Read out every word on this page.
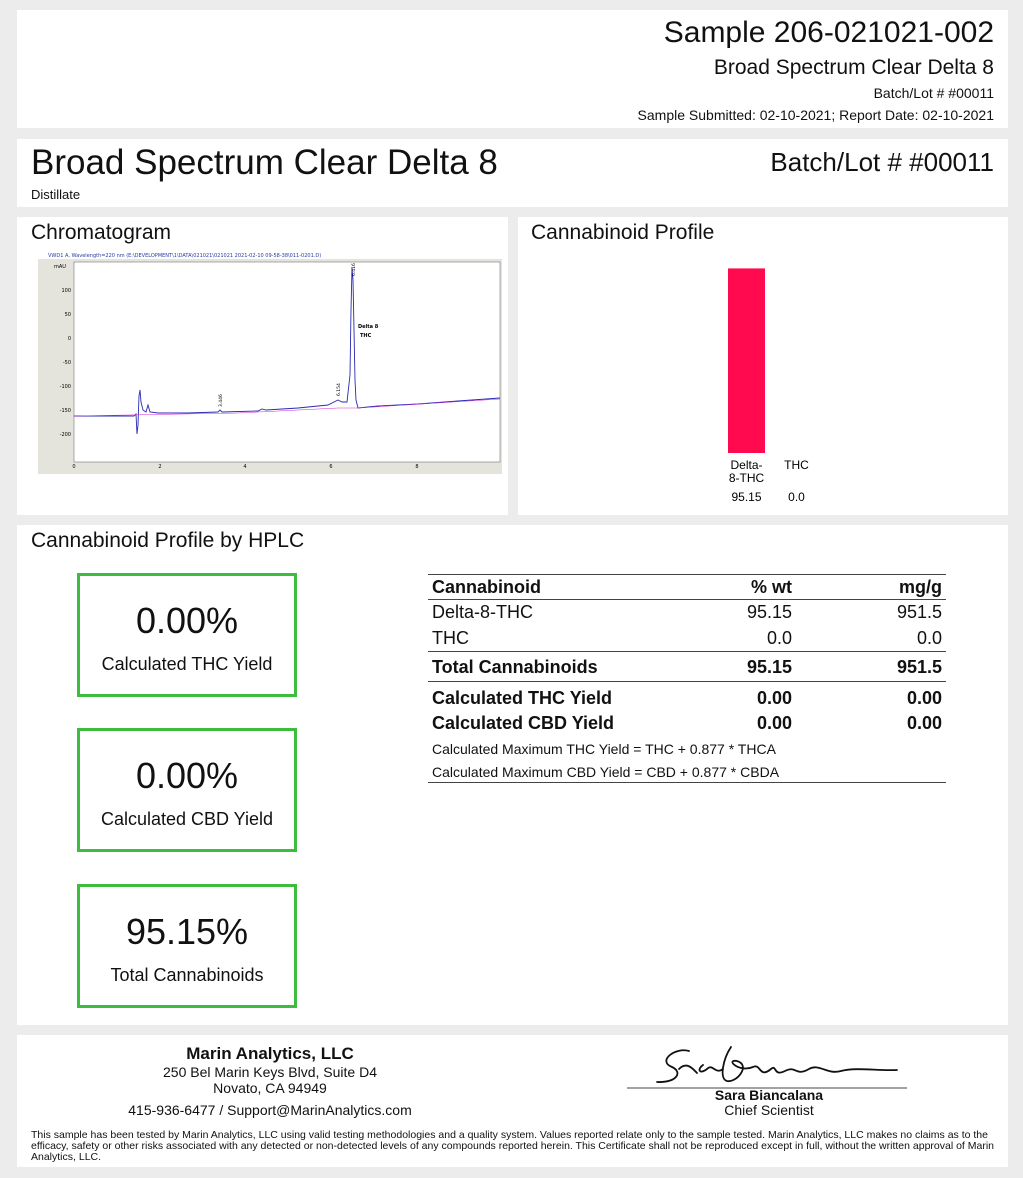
Sample 206-021021-002
Broad Spectrum Clear Delta 8
Batch/Lot # #00011
Sample Submitted: 02-10-2021; Report Date: 02-10-2021
Broad Spectrum Clear Delta 8
Distillate
Batch/Lot # #00011
Chromatogram
VWD1 A, Wavelength=220 nm (E:\DEVELOPMENT\1\DATA\021021\021021 2021-02-10 09-58-38\011-0201.D)
mAU
100
50
0
-50
-100
-150
-200
0	2	4	6	8
3.446
6.154
6.416
Delta 8
THC
Cannabinoid Profile
Delta-
8-THC
95.15
THC
0.0
Cannabinoid Profile by HPLC
0.00%
Calculated THC Yield
0.00%
Calculated CBD Yield
95.15%
Total Cannabinoids
Cannabinoid	% wt	mg/g
Delta-8-THC	95.15	951.5
THC	0.0	0.0
Total Cannabinoids	95.15	951.5
Calculated THC Yield	0.00	0.00
Calculated CBD Yield	0.00	0.00
Calculated Maximum THC Yield = THC + 0.877 * THCA
Calculated Maximum CBD Yield = CBD + 0.877 * CBDA
Marin Analytics, LLC
250 Bel Marin Keys Blvd, Suite D4
Novato, CA 94949
415-936-6477 / Support@MarinAnalytics.com
Sara Biancalana
Chief Scientist
This sample has been tested by Marin Analytics, LLC using valid testing methodologies and a quality system. Values reported relate only to the sample tested. Marin Analytics, LLC makes no claims as to the efficacy, safety or other risks associated with any detected or non-detected levels of any compounds reported herein. This Certificate shall not be reproduced except in full, without the written approval of Marin Analytics, LLC.
